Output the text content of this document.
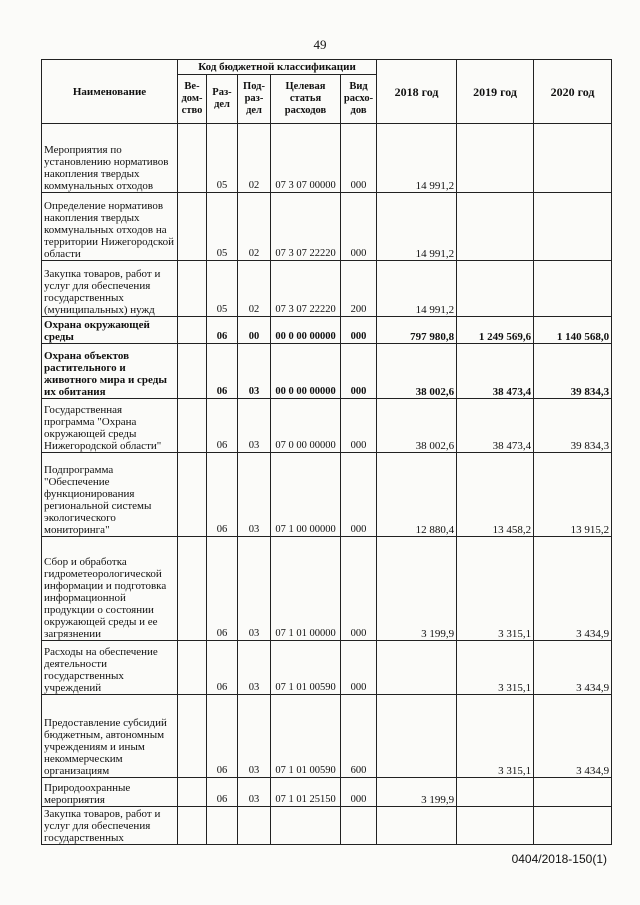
49
Наименование	Код бюджетной классификации					2018 год	2019 год	2020 год
	Ве-
дом-
ство	Раз-
дел	Под-
раз-
дел	Целевая
статья
расходов	Вид
расхо-
дов			
Мероприятия по установлению нормативов накопления твердых коммунальных отходов		05	02	07 3 07 00000	000	14 991,2		
Определение нормативов накопления твердых коммунальных отходов на территории Нижегородской области		05	02	07 3 07 22220	000	14 991,2		
Закупка товаров, работ и услуг для обеспечения государственных (муниципальных) нужд		05	02	07 3 07 22220	200	14 991,2		
Охрана окружающей среды		06	00	00 0 00 00000	000	797 980,8	1 249 569,6	1 140 568,0
Охрана объектов растительного и животного мира и среды их обитания		06	03	00 0 00 00000	000	38 002,6	38 473,4	39 834,3
Государственная программа "Охрана окружающей среды Нижегородской области"		06	03	07 0 00 00000	000	38 002,6	38 473,4	39 834,3
Подпрограмма "Обеспечение функционирования региональной системы экологического мониторинга"		06	03	07 1 00 00000	000	12 880,4	13 458,2	13 915,2
Сбор и обработка гидрометеорологической информации и подготовка информационной продукции о состоянии окружающей среды и ее загрязнении		06	03	07 1 01 00000	000	3 199,9	3 315,1	3 434,9
Расходы на обеспечение деятельности государственных учреждений		06	03	07 1 01 00590	000		3 315,1	3 434,9
Предоставление субсидий бюджетным, автономным учреждениям и иным некоммерческим организациям		06	03	07 1 01 00590	600		3 315,1	3 434,9
Природоохранные мероприятия		06	03	07 1 01 25150	000	3 199,9		
Закупка товаров, работ и услуг для обеспечения государственных								
0404/2018-150(1)
